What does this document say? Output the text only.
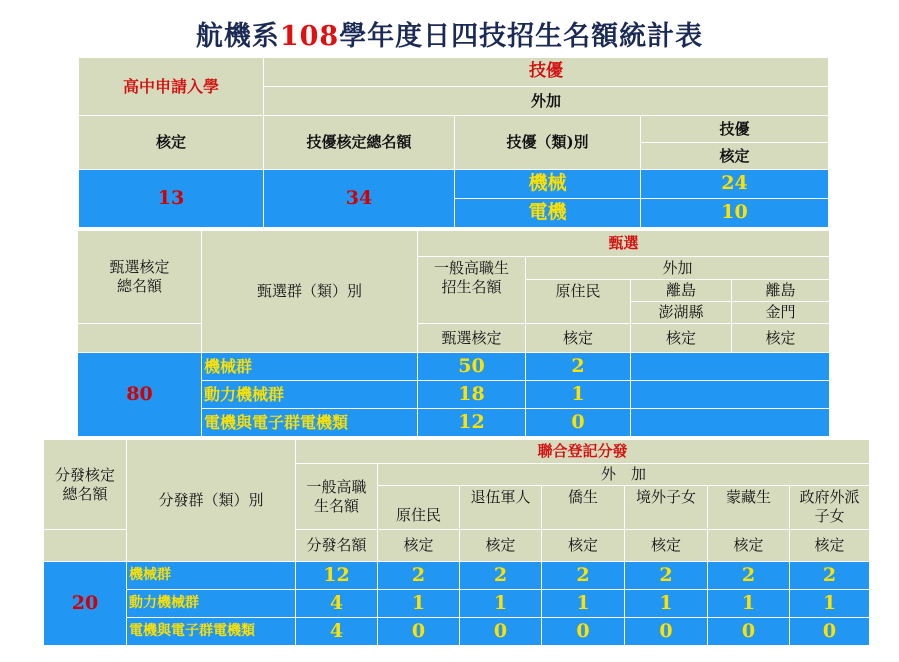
航機系108學年度日四技招生名額統計表
高中申請入學	技優		
	外加		
核定	技優核定總名額	技優（類)別	技優
			核定
13	34	機械	24
		電機	10
甄選核定
總名額	甄選群（類）別	甄選			
		一般高職生
招生名額	外加		
			原住民	離島	離島
				澎湖縣	金門
		甄選核定	核定	核定	核定
80	機械群	50	2		
	動力機械群	18	1		
	電機與電子群電機類	12	0		
分發核定
總名額	分發群（類）別	聯合登記分發						
		一般高職
生名額	外　加					
			原住民	退伍軍人	僑生	境外子女	蒙藏生	政府外派
子女
		分發名額	核定	核定	核定	核定	核定	核定
20	機械群	12	2	2	2	2	2	2
	動力機械群	4	1	1	1	1	1	1
	電機與電子群電機類	4	0	0	0	0	0	0
